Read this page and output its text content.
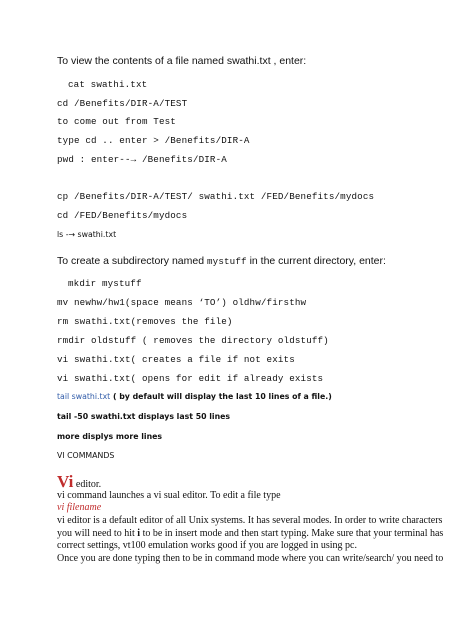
To view the contents of a file named swathi.txt , enter:
cat swathi.txt
cd /Benefits/DIR-A/TEST
to come out from Test
type cd .. enter > /Benefits/DIR-A
pwd : enter--→ /Benefits/DIR-A
cp /Benefits/DIR-A/TEST/ swathi.txt /FED/Benefits/mydocs
cd /FED/Benefits/mydocs
ls -→ swathi.txt
To create a subdirectory named mystuff in the current directory, enter:
mkdir mystuff
mv newhw/hw1(space means ‘TO’) oldhw/firsthw
rm swathi.txt(removes the file)
rmdir oldstuff ( removes the directory oldstuff)
vi swathi.txt( creates a file if not exits
vi swathi.txt( opens for edit if already exists
tail swathi.txt ( by default will display the last 10 lines of a file.)
tail -50 swathi.txt displays last 50 lines
more displys more lines
VI COMMANDS
Vi editor.
vi command launches a vi sual editor. To edit a file type
vi filename
vi editor is a default editor of all Unix systems. It has several modes. In order to write characters
you will need to hit i to be in insert mode and then start typing. Make sure that your terminal has
correct settings, vt100 emulation works good if you are logged in using pc.
Once you are done typing then to be in command mode where you can write/search/ you need to
